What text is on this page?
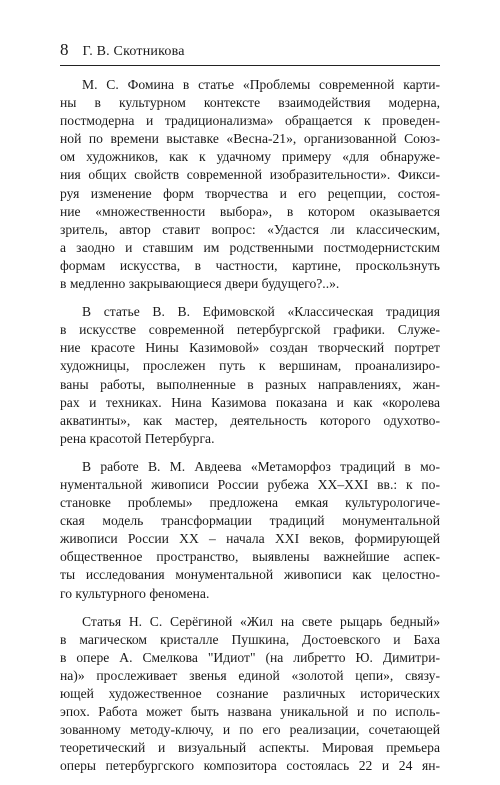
8 Г. В. Скотникова

М. С. Фомина в статье «Проблемы современной карти-
ны в культурном контексте взаимодействия модерна,
постмодерна и традиционализма» обращается к проведен-
ной по времени выставке «Весна-21», организованной Союз-
ом художников, как к удачному примеру «для обнаруже-
ния общих свойств современной изобразительности». Фикси-
руя изменение форм творчества и его рецепции, состоя-
ние «множественности выбора», в котором оказывается
зритель, автор ставит вопрос: «Удастся ли классическим,
а заодно и ставшим им родственными постмодернистским
формам искусства, в частности, картине, проскользнуть
в медленно закрывающиеся двери будущего?..».

В статье В. В. Ефимовской «Классическая традиция
в искусстве современной петербургской графики. Служе-
ние красоте Нины Казимовой» создан творческий портрет
художницы, прослежен путь к вершинам, проанализиро-
ваны работы, выполненные в разных направлениях, жан-
рах и техниках. Нина Казимова показана и как «королева
акватинты», как мастер, деятельность которого одухотво-
рена красотой Петербурга.

В работе В. М. Авдеева «Метаморфоз традиций в мо-
нументальной живописи России рубежа XX–XXI вв.: к по-
становке проблемы» предложена емкая культурологиче-
ская модель трансформации традиций монументальной
живописи России XX – начала XXI веков, формирующей
общественное пространство, выявлены важнейшие аспек-
ты исследования монументальной живописи как целостно-
го культурного феномена.

Статья Н. С. Серёгиной «Жил на свете рыцарь бедный»
в магическом кристалле Пушкина, Достоевского и Баха
в опере А. Смелкова "Идиот" (на либретто Ю. Димитри-
на)» прослеживает звенья единой «золотой цепи», связу-
ющей художественное сознание различных исторических
эпох. Работа может быть названа уникальной и по исполь-
зованному методу-ключу, и по его реализации, сочетающей
теоретический и визуальный аспекты. Мировая премьера
оперы петербургского композитора состоялась 22 и 24 ян-
